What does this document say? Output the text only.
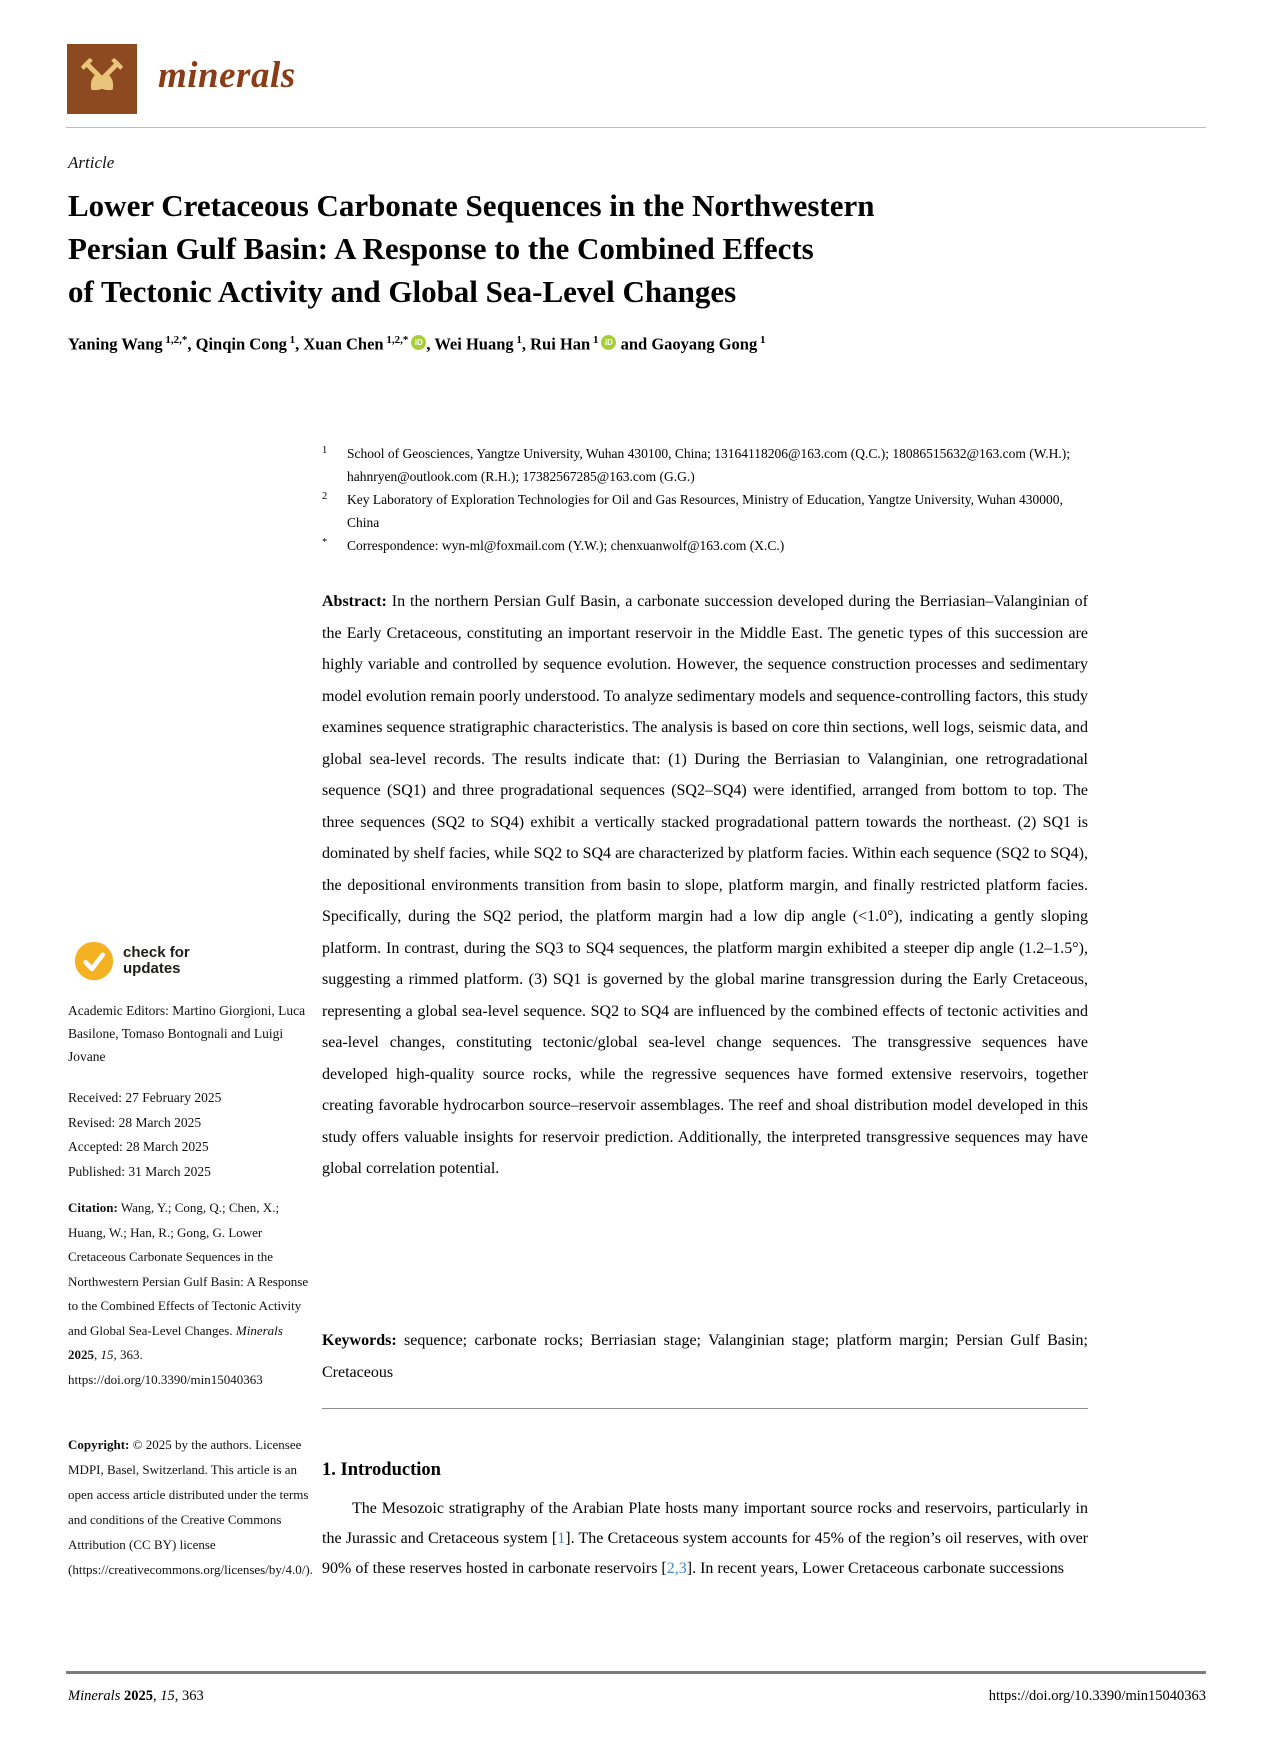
minerals
Article
Lower Cretaceous Carbonate Sequences in the Northwestern
Persian Gulf Basin: A Response to the Combined Effects
of Tectonic Activity and Global Sea-Level Changes
Yaning Wang $^{1,2,*}$, Qinqin Cong $^1$, Xuan Chen $^{1,2,*}$ iD , Wei Huang $^1$, Rui Han $^1$ iD and Gaoyang Gong $^1$
1	School of Geosciences, Yangtze University, Wuhan 430100, China; 13164118206@163.com (Q.C.); 18086515632@163.com (W.H.); hahnryen@outlook.com (R.H.); 17382567285@163.com (G.G.)
2	Key Laboratory of Exploration Technologies for Oil and Gas Resources, Ministry of Education, Yangtze University, Wuhan 430000, China
*	Correspondence: wyn-ml@foxmail.com (Y.W.); chenxuanwolf@163.com (X.C.)
Abstract: In the northern Persian Gulf Basin, a carbonate succession developed during the Berriasian–Valanginian of the Early Cretaceous, constituting an important reservoir in the Middle East. The genetic types of this succession are highly variable and controlled by sequence evolution. However, the sequence construction processes and sedimentary model evolution remain poorly understood. To analyze sedimentary models and sequence-controlling factors, this study examines sequence stratigraphic characteristics. The analysis is based on core thin sections, well logs, seismic data, and global sea-level records. The results indicate that: (1) During the Berriasian to Valanginian, one retrogradational sequence (SQ1) and three progradational sequences (SQ2–SQ4) were identified, arranged from bottom to top. The three sequences (SQ2 to SQ4) exhibit a vertically stacked progradational pattern towards the northeast. (2) SQ1 is dominated by shelf facies, while SQ2 to SQ4 are characterized by platform facies. Within each sequence (SQ2 to SQ4), the depositional environments transition from basin to slope, platform margin, and finally restricted platform facies. Specifically, during the SQ2 period, the platform margin had a low dip angle (<1.0°), indicating a gently sloping platform. In contrast, during the SQ3 to SQ4 sequences, the platform margin exhibited a steeper dip angle (1.2–1.5°), suggesting a rimmed platform. (3) SQ1 is governed by the global marine transgression during the Early Cretaceous, representing a global sea-level sequence. SQ2 to SQ4 are influenced by the combined effects of tectonic activities and sea-level changes, constituting tectonic/global sea-level change sequences. The transgressive sequences have developed high-quality source rocks, while the regressive sequences have formed extensive reservoirs, together creating favorable hydrocarbon source–reservoir assemblages. The reef and shoal distribution model developed in this study offers valuable insights for reservoir prediction. Additionally, the interpreted transgressive sequences may have global correlation potential.
Keywords: sequence; carbonate rocks; Berriasian stage; Valanginian stage; platform margin; Persian Gulf Basin; Cretaceous
1. Introduction

The Mesozoic stratigraphy of the Arabian Plate hosts many important source rocks and reservoirs, particularly in the Jurassic and Cretaceous system [1]. The Cretaceous system accounts for 45% of the region’s oil reserves, with over 90% of these reserves hosted in carbonate reservoirs [2,3]. In recent years, Lower Cretaceous carbonate successions

check for
updates

Academic Editors: Martino Giorgioni, Luca Basilone, Tomaso Bontognali and Luigi Jovane

Received: 27 February 2025
Revised: 28 March 2025
Accepted: 28 March 2025
Published: 31 March 2025

Citation: Wang, Y.; Cong, Q.; Chen, X.; Huang, W.; Han, R.; Gong, G. Lower Cretaceous Carbonate Sequences in the Northwestern Persian Gulf Basin: A Response to the Combined Effects of Tectonic Activity and Global Sea-Level Changes. Minerals 2025, 15, 363. https://doi.org/10.3390/min15040363

Copyright: © 2025 by the authors. Licensee MDPI, Basel, Switzerland. This article is an open access article distributed under the terms and conditions of the Creative Commons Attribution (CC BY) license (https://creativecommons.org/licenses/by/4.0/).

Minerals 2025, 15, 363	https://doi.org/10.3390/min15040363
